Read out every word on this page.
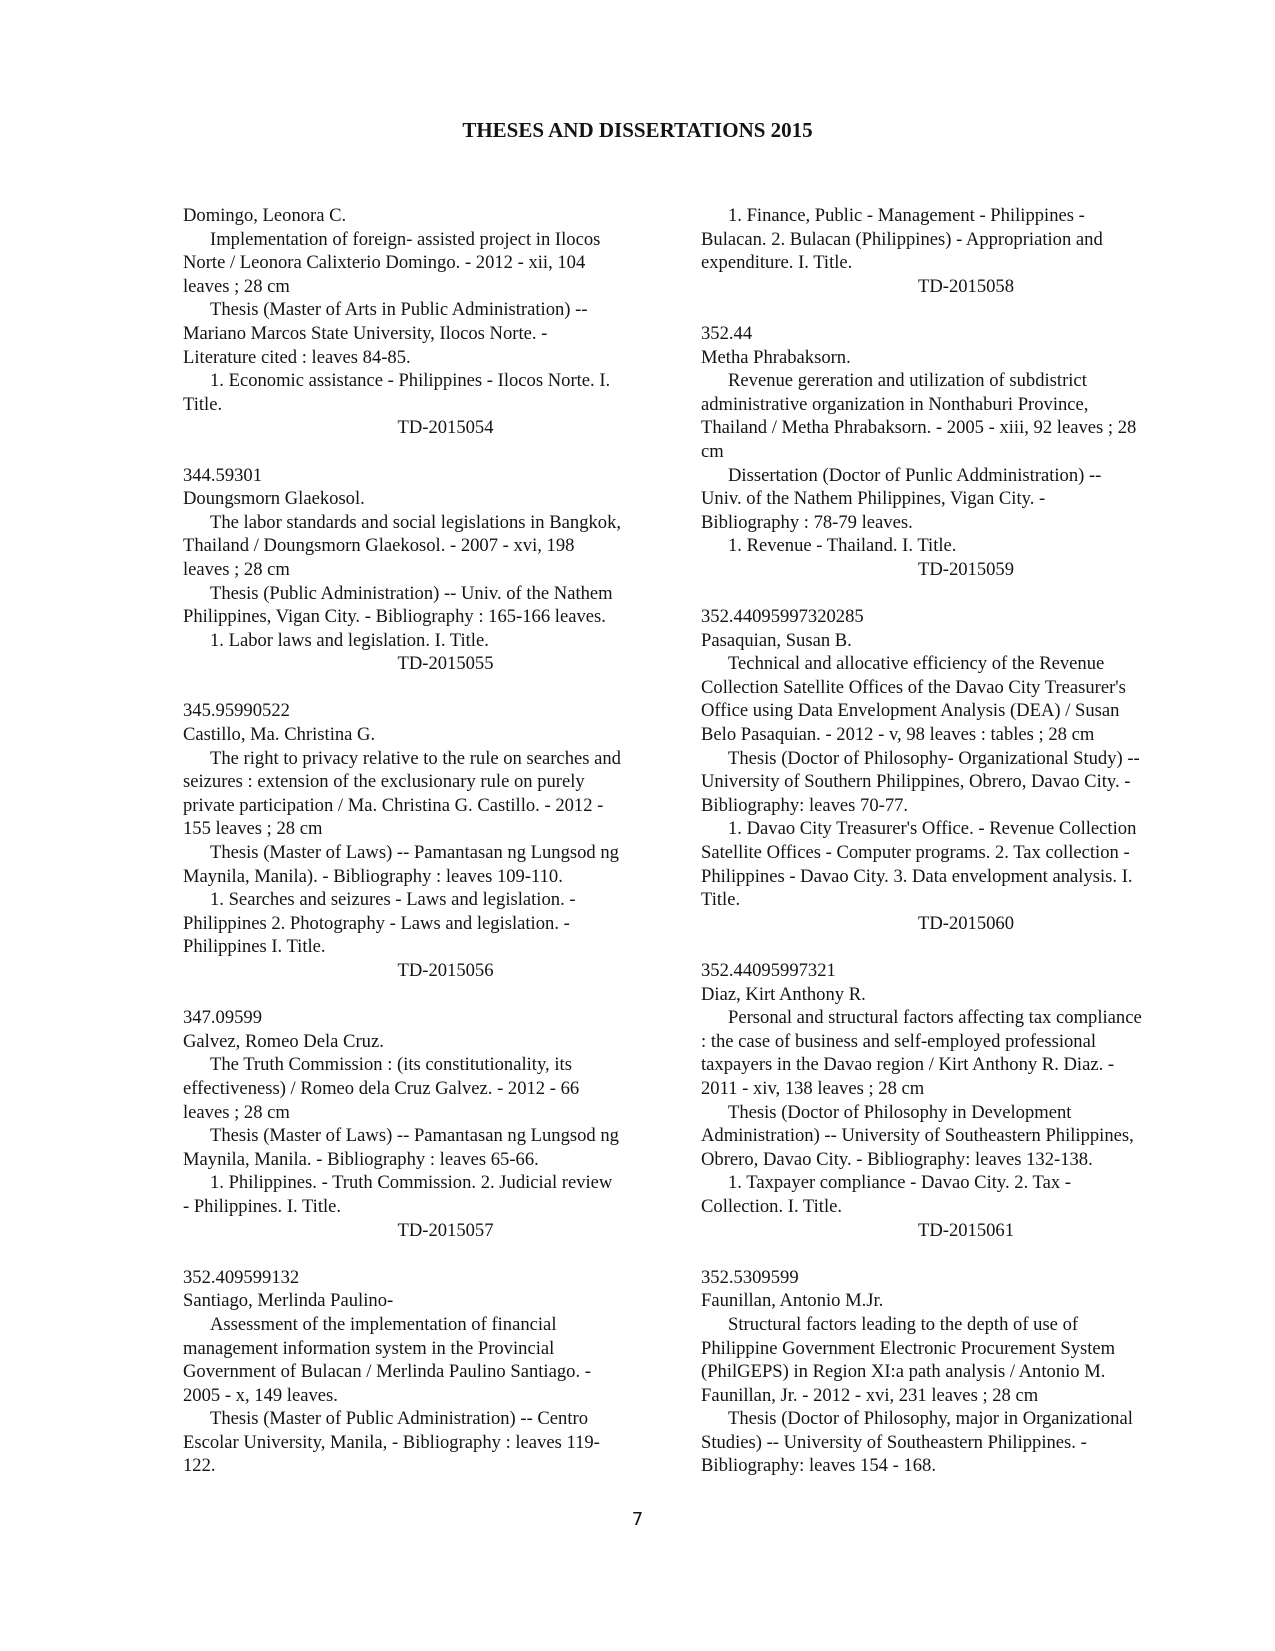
THESES AND DISSERTATIONS 2015
Domingo, Leonora C.
Implementation of foreign- assisted project in Ilocos
Norte / Leonora Calixterio Domingo. - 2012 - xii, 104
leaves ; 28 cm
Thesis (Master of Arts in Public Administration) --
Mariano Marcos State University, Ilocos Norte. -
Literature cited : leaves 84-85.
1. Economic assistance - Philippines - Ilocos Norte. I.
Title.
TD-2015054
344.59301
Doungsmorn Glaekosol.
The labor standards and social legislations in Bangkok,
Thailand / Doungsmorn Glaekosol. - 2007 - xvi, 198
leaves ; 28 cm
Thesis (Public Administration) -- Univ. of the Nathem
Philippines, Vigan City. - Bibliography : 165-166 leaves.
1. Labor laws and legislation. I. Title.
TD-2015055
345.95990522
Castillo, Ma. Christina G.
The right to privacy relative to the rule on searches and
seizures : extension of the exclusionary rule on purely
private participation / Ma. Christina G. Castillo. - 2012 -
155 leaves ; 28 cm
Thesis (Master of Laws) -- Pamantasan ng Lungsod ng
Maynila, Manila). - Bibliography : leaves 109-110.
1. Searches and seizures - Laws and legislation. -
Philippines 2. Photography - Laws and legislation. -
Philippines I. Title.
TD-2015056
347.09599
Galvez, Romeo Dela Cruz.
The Truth Commission : (its constitutionality, its
effectiveness) / Romeo dela Cruz Galvez. - 2012 - 66
leaves ; 28 cm
Thesis (Master of Laws) -- Pamantasan ng Lungsod ng
Maynila, Manila. - Bibliography : leaves 65-66.
1. Philippines. - Truth Commission. 2. Judicial review
- Philippines. I. Title.
TD-2015057
352.409599132
Santiago, Merlinda Paulino-
Assessment of the implementation of financial
management information system in the Provincial
Government of Bulacan / Merlinda Paulino Santiago. -
2005 - x, 149 leaves.
Thesis (Master of Public Administration) -- Centro
Escolar University, Manila, - Bibliography : leaves 119-
122.
1. Finance, Public - Management - Philippines -
Bulacan. 2. Bulacan (Philippines) - Appropriation and
expenditure. I. Title.
TD-2015058
352.44
Metha Phrabaksorn.
Revenue gereration and utilization of subdistrict
administrative organization in Nonthaburi Province,
Thailand / Metha Phrabaksorn. - 2005 - xiii, 92 leaves ; 28
cm
Dissertation (Doctor of Punlic Addministration) --
Univ. of the Nathem Philippines, Vigan City. -
Bibliography : 78-79 leaves.
1. Revenue - Thailand. I. Title.
TD-2015059
352.44095997320285
Pasaquian, Susan B.
Technical and allocative efficiency of the Revenue
Collection Satellite Offices of the Davao City Treasurer's
Office using Data Envelopment Analysis (DEA) / Susan
Belo Pasaquian. - 2012 - v, 98 leaves : tables ; 28 cm
Thesis (Doctor of Philosophy- Organizational Study) --
University of Southern Philippines, Obrero, Davao City. -
Bibliography: leaves 70-77.
1. Davao City Treasurer's Office. - Revenue Collection
Satellite Offices - Computer programs. 2. Tax collection -
Philippines - Davao City. 3. Data envelopment analysis. I.
Title.
TD-2015060
352.44095997321
Diaz, Kirt Anthony R.
Personal and structural factors affecting tax compliance
: the case of business and self-employed professional
taxpayers in the Davao region / Kirt Anthony R. Diaz. -
2011 - xiv, 138 leaves ; 28 cm
Thesis (Doctor of Philosophy in Development
Administration) -- University of Southeastern Philippines,
Obrero, Davao City. - Bibliography: leaves 132-138.
1. Taxpayer compliance - Davao City. 2. Tax -
Collection. I. Title.
TD-2015061
352.5309599
Faunillan, Antonio M.Jr.
Structural factors leading to the depth of use of
Philippine Government Electronic Procurement System
(PhilGEPS) in Region XI:a path analysis / Antonio M.
Faunillan, Jr. - 2012 - xvi, 231 leaves ; 28 cm
Thesis (Doctor of Philosophy, major in Organizational
Studies) -- University of Southeastern Philippines. -
Bibliography: leaves 154 - 168.
7
